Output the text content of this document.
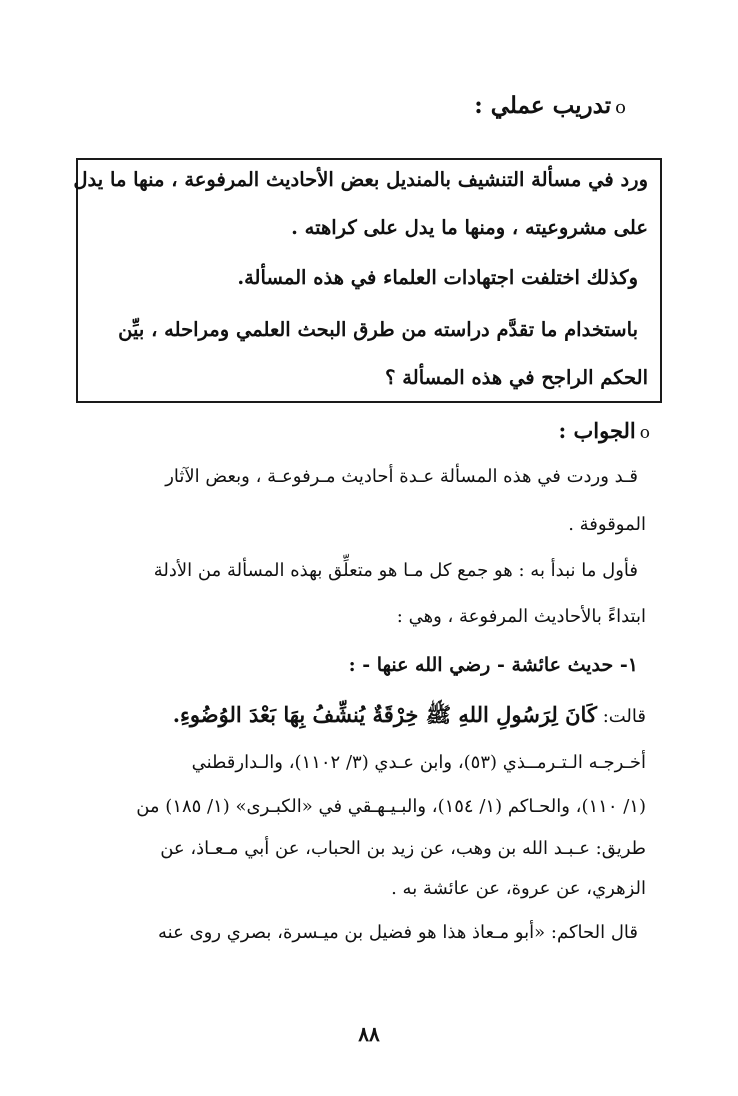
oتدريب عملي :
ورد في مسألة التنشيف بالمنديل بعض الأحاديث المرفوعة ، منها ما يدل
على مشروعيته ، ومنها ما يدل على كراهته .
وكذلك اختلفت اجتهادات العلماء في هذه المسألة.
باستخدام ما تقدَّم دراسته من طرق البحث العلمي ومراحله ، بيِّن
الحكم الراجح في هذه المسألة ؟
oالجواب :
قـد وردت في هذه المسألة عـدة أحاديث مـرفوعـة ، وبعض الآثار
الموقوفة .
فأول ما نبدأ به : هو جمع كل مـا هو متعلِّق بهذه المسألة من الأدلة
ابتداءً بالأحاديث المرفوعة ، وهي :
١- حديث عائشة - رضي الله عنها - :
قالت: كَانَ لِرَسُولِ اللهِ ﷺ خِرْقَةٌ يُنشِّفُ بِهَا بَعْدَ الوُضُوءِ.
أخـرجـه الـتـرمــذي (٥٣)، وابن عـدي (٣/ ١١٠٢)، والـدارقطني
(١/ ١١٠)، والحـاكم (١/ ١٥٤)، والبـيـهـقي في «الكبـرى» (١/ ١٨٥) من
طريق: عـبـد الله بن وهب، عن زيد بن الحباب، عن أبي مـعـاذ، عن
الزهري، عن عروة، عن عائشة به .
قال الحاكم: «أبو مـعاذ هذا هو فضيل بن ميـسرة، بصري روى عنه
٨٨
